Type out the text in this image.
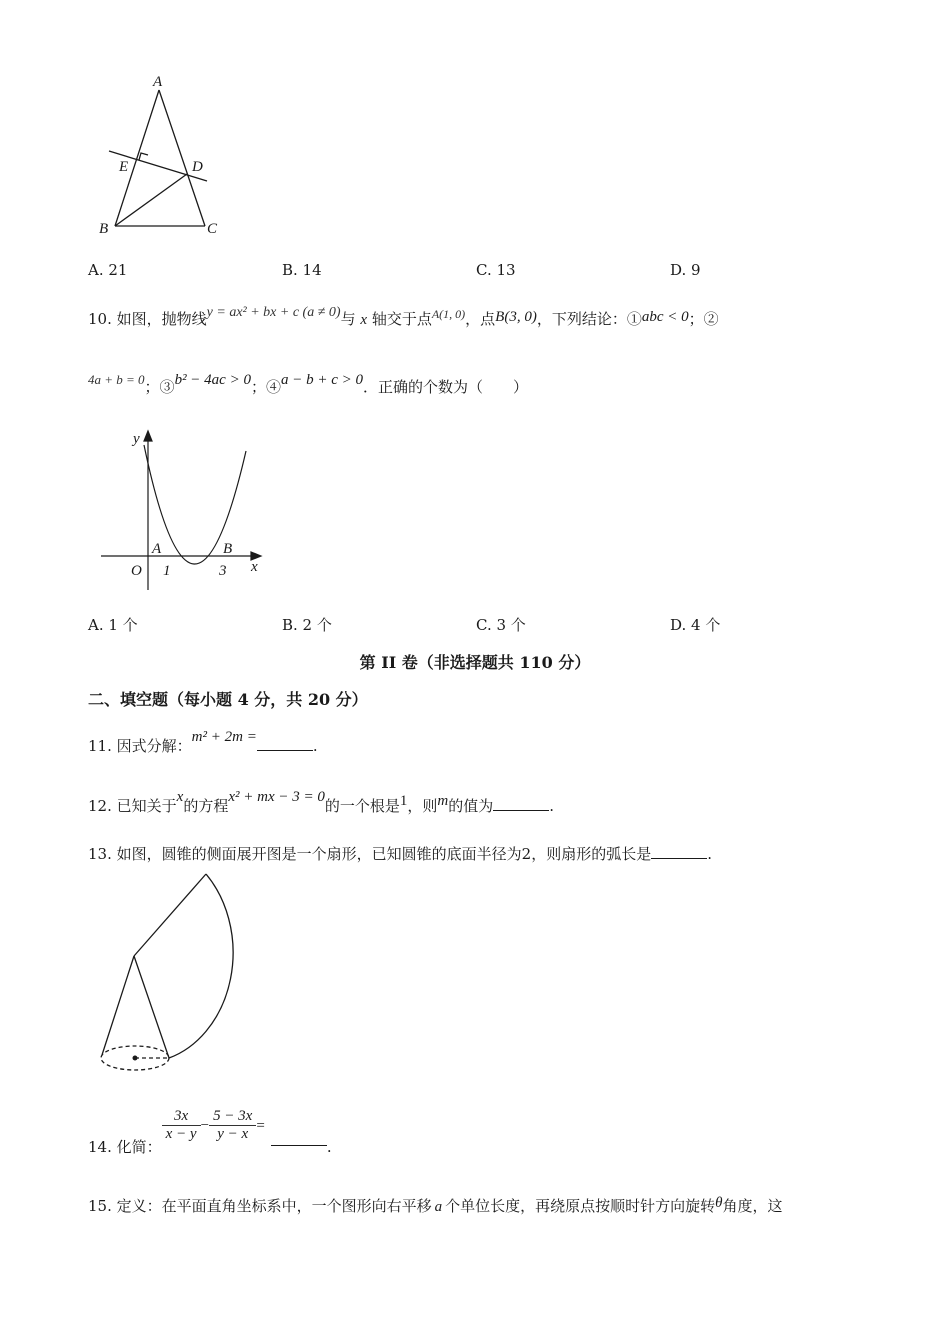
A
E	D
B	C
A. 21	B. 14	C. 13	D. 9
10. 如图，抛物线y = ax² + bx + c (a ≠ 0)与 x 轴交于点$^{A(1, 0)}$，点B(3, 0)，下列结论：①abc < 0；②
4a + b = 0；③b² − 4ac > 0；④a − b + c > 0．正确的个数为（　　）
y
x
O
A	B
1	3
A. 1 个	B. 2 个	C. 3 个	D. 4 个
第 II 卷（非选择题共 110 分）
二、填空题（每小题 4 分，共 20 分）
11. 因式分解：m² + 2m =	.
12. 已知关于x的方程x² + mx − 3 = 0的一个根是1，则m的值为	.
13. 如图，圆锥的侧面展开图是一个扇形，已知圆锥的底面半径为2，则扇形的弧长是	.
14. 化简：
$\frac{3x}{x - y} - \frac{5 - 3x}{y - x}$ =.
15. 定义：在平面直角坐标系中，一个图形向右平移 a 个单位长度，再绕原点按顺时针方向旋转θ角度，这
